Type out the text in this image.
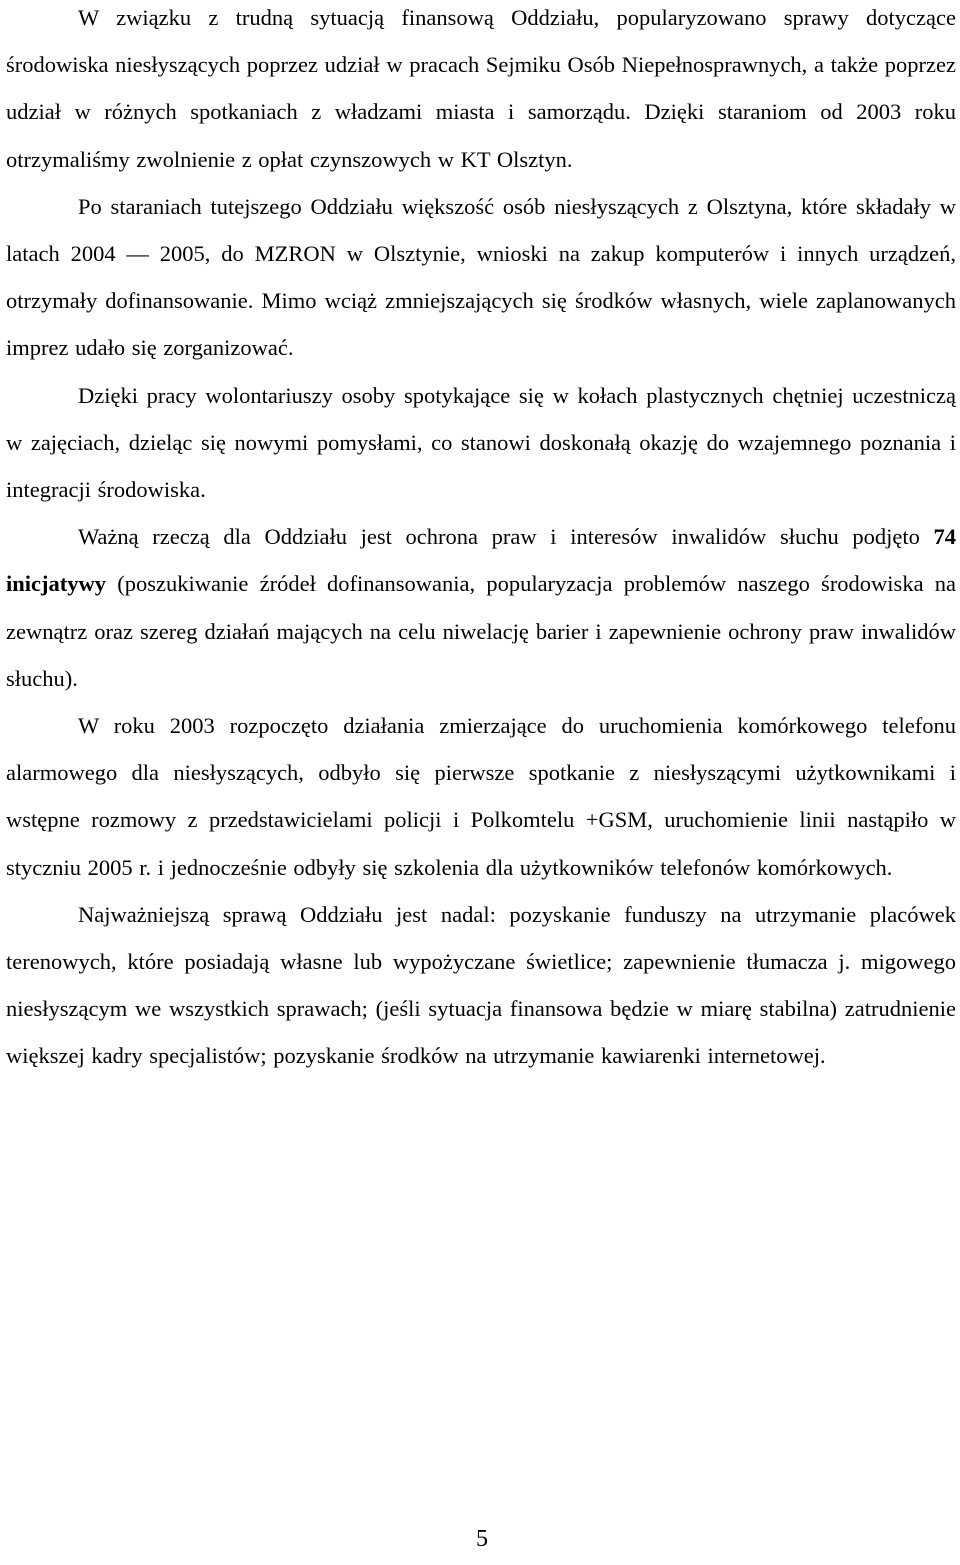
W związku z trudną sytuacją finansową Oddziału, popularyzowano sprawy dotyczące środowiska niesłyszących poprzez udział w pracach Sejmiku Osób Niepełnosprawnych, a także poprzez udział w różnych spotkaniach z władzami miasta i samorządu. Dzięki staraniom od 2003 roku otrzymaliśmy zwolnienie z opłat czynszowych w KT Olsztyn.

Po staraniach tutejszego Oddziału większość osób niesłyszących z Olsztyna, które składały w latach 2004 — 2005, do MZRON w Olsztynie, wnioski na zakup komputerów i innych urządzeń, otrzymały dofinansowanie. Mimo wciąż zmniejszających się środków własnych, wiele zaplanowanych imprez udało się zorganizować.

Dzięki pracy wolontariuszy osoby spotykające się w kołach plastycznych chętniej uczestniczą w zajęciach, dzieląc się nowymi pomysłami, co stanowi doskonałą okazję do wzajemnego poznania i integracji środowiska.

Ważną rzeczą dla Oddziału jest ochrona praw i interesów inwalidów słuchu podjęto 74 inicjatywy (poszukiwanie źródeł dofinansowania, popularyzacja problemów naszego środowiska na zewnątrz oraz szereg działań mających na celu niwelację barier i zapewnienie ochrony praw inwalidów słuchu).

W roku 2003 rozpoczęto działania zmierzające do uruchomienia komórkowego telefonu alarmowego dla niesłyszących, odbyło się pierwsze spotkanie z niesłyszącymi użytkownikami i wstępne rozmowy z przedstawicielami policji i Polkomtelu +GSM, uruchomienie linii nastąpiło w styczniu 2005 r. i jednocześnie odbyły się szkolenia dla użytkowników telefonów komórkowych.

Najważniejszą sprawą Oddziału jest nadal: pozyskanie funduszy na utrzymanie placówek terenowych, które posiadają własne lub wypożyczane świetlice; zapewnienie tłumacza j. migowego niesłyszącym we wszystkich sprawach; (jeśli sytuacja finansowa będzie w miarę stabilna) zatrudnienie większej kadry specjalistów; pozyskanie środków na utrzymanie kawiarenki internetowej.

5
